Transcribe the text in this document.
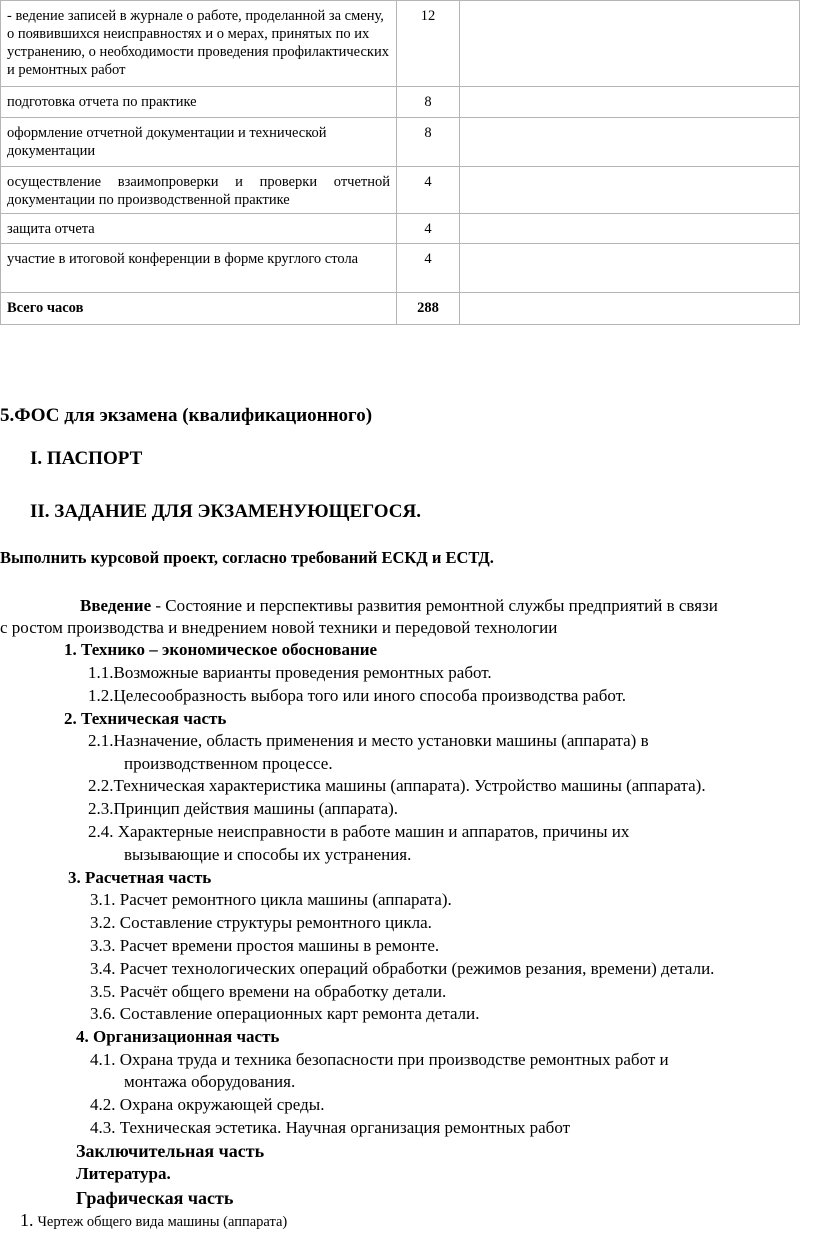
- ведение записей в журнале о работе, проделанной за смену, о появившихся неисправностях и о мерах, принятых по их устранению, о необходимости проведения профилактических и ремонтных работ	12	
подготовка отчета по практике	8	
оформление отчетной документации и технической документации	8	
осуществление взаимопроверки и проверки отчетной документации по производственной практике	4	
защита отчета	4	
участие в итоговой конференции в форме круглого стола	4	
Всего часов	288	
5.ФОС для экзамена (квалификационного)
I. ПАСПОРТ
II. ЗАДАНИЕ ДЛЯ ЭКЗАМЕНУЮЩЕГОСЯ.
Выполнить курсовой проект, согласно требований ЕСКД и ЕСТД.
Введение - Состояние и перспективы развития ремонтной службы предприятий в связи
с ростом производства и внедрением новой техники и передовой технологии
1. Технико – экономическое обоснование
1.1.Возможные варианты проведения ремонтных работ.
1.2.Целесообразность выбора того или иного способа производства работ.
2. Техническая часть
2.1.Назначение, область применения и место установки машины (аппарата) в
производственном процессе.
2.2.Техническая характеристика машины (аппарата). Устройство машины (аппарата).
2.3.Принцип действия машины (аппарата).
2.4. Характерные неисправности в работе машин и аппаратов, причины их
вызывающие и способы их устранения.
3. Расчетная часть
3.1. Расчет ремонтного цикла машины (аппарата).
3.2. Составление структуры ремонтного цикла.
3.3. Расчет времени простоя машины в ремонте.
3.4. Расчет технологических операций обработки (режимов резания, времени) детали.
3.5. Расчёт общего времени на обработку детали.
3.6. Составление операционных карт ремонта детали.
4. Организационная часть
4.1. Охрана труда и техника безопасности при производстве ремонтных работ и
монтажа оборудования.
4.2. Охрана окружающей среды.
4.3. Техническая эстетика. Научная организация ремонтных работ
Заключительная часть
Литература.
Графическая часть
1. Чертеж общего вида машины (аппарата)
